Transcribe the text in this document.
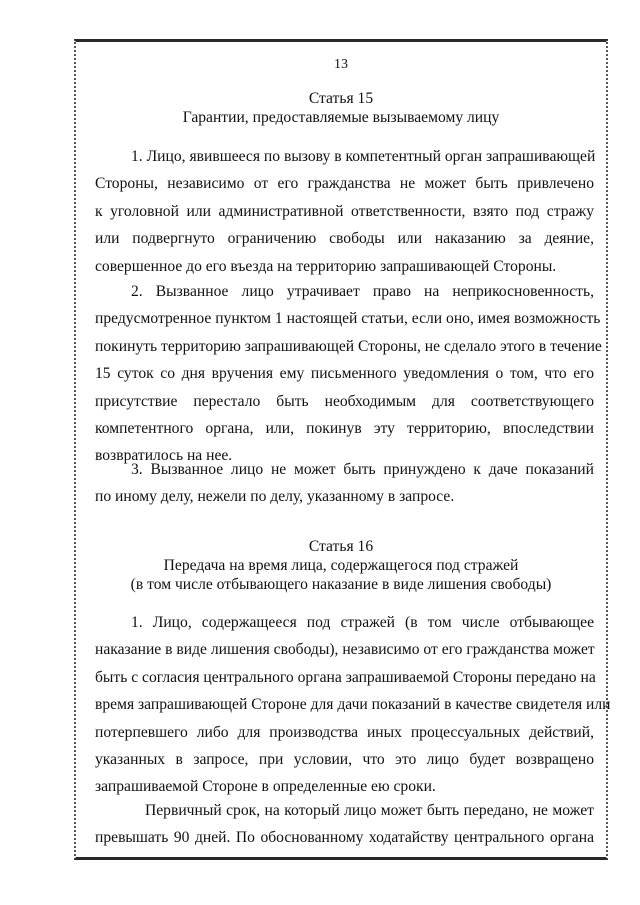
13
Статья 15
Гарантии, предоставляемые вызываемому лицу
1. Лицо, явившееся по вызову в компетентный орган запрашивающей
Стороны, независимо от его гражданства не может быть привлечено
к уголовной или административной ответственности, взято под стражу
или подвергнуто ограничению свободы или наказанию за деяние,
совершенное до его въезда на территорию запрашивающей Стороны.
2. Вызванное лицо утрачивает право на неприкосновенность,
предусмотренное пунктом 1 настоящей статьи, если оно, имея возможность
покинуть территорию запрашивающей Стороны, не сделало этого в течение
15 суток со дня вручения ему письменного уведомления о том, что его
присутствие перестало быть необходимым для соответствующего
компетентного органа, или, покинув эту территорию, впоследствии
возвратилось на нее.
3. Вызванное лицо не может быть принуждено к даче показаний
по иному делу, нежели по делу, указанному в запросе.
Статья 16
Передача на время лица, содержащегося под стражей
(в том числе отбывающего наказание в виде лишения свободы)
1. Лицо, содержащееся под стражей (в том числе отбывающее
наказание в виде лишения свободы), независимо от его гражданства может
быть с согласия центрального органа запрашиваемой Стороны передано на
время запрашивающей Стороне для дачи показаний в качестве свидетеля или
потерпевшего либо для производства иных процессуальных действий,
указанных в запросе, при условии, что это лицо будет возвращено
запрашиваемой Стороне в определенные ею сроки.
Первичный срок, на который лицо может быть передано, не может
превышать 90 дней. По обоснованному ходатайству центрального органа
